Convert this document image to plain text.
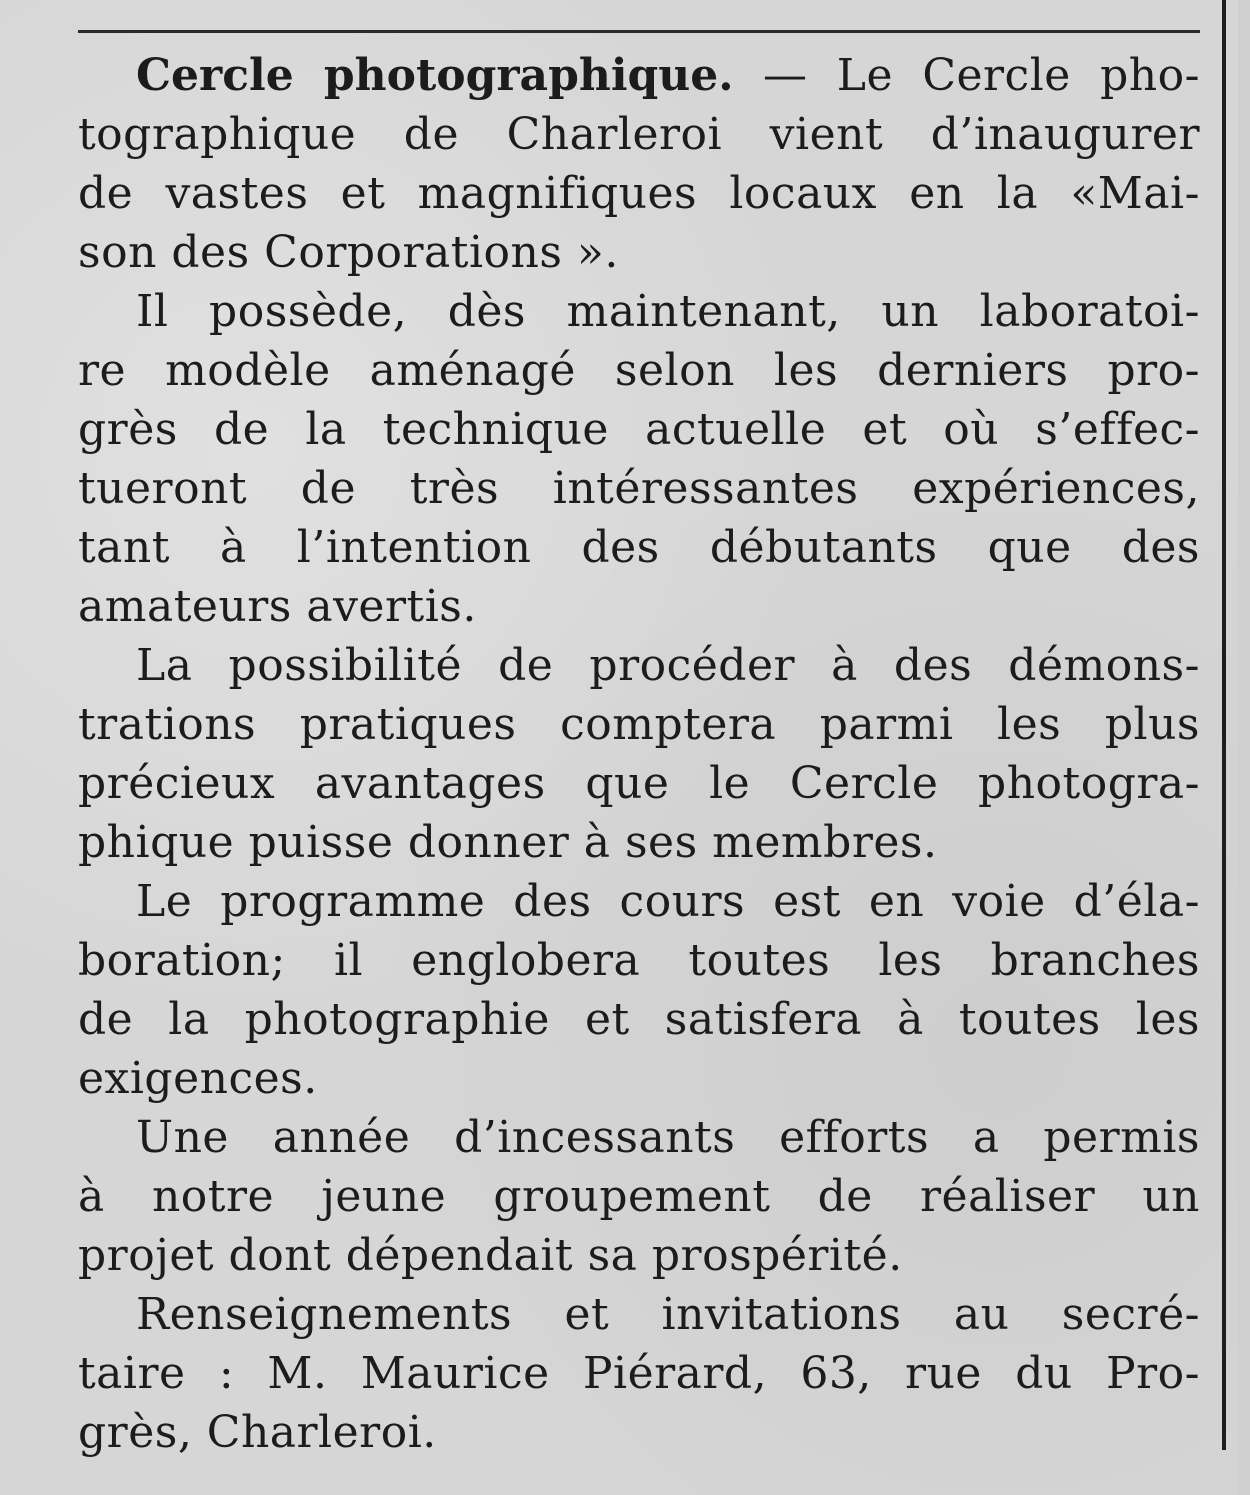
Cercle photographique. — Le Cercle pho-
tographique de Charleroi vient d’inaugurer
de vastes et magnifiques locaux en la «Mai-
son des Corporations ».
Il possède, dès maintenant, un laboratoi-
re modèle aménagé selon les derniers pro-
grès de la technique actuelle et où s’effec-
tueront de très intéressantes expériences,
tant à l’intention des débutants que des
amateurs avertis.
La possibilité de procéder à des démons-
trations pratiques comptera parmi les plus
précieux avantages que le Cercle photogra-
phique puisse donner à ses membres.
Le programme des cours est en voie d’éla-
boration; il englobera toutes les branches
de la photographie et satisfera à toutes les
exigences.
Une année d’incessants efforts a permis
à notre jeune groupement de réaliser un
projet dont dépendait sa prospérité.
Renseignements et invitations au secré-
taire : M. Maurice Piérard, 63, rue du Pro-
grès, Charleroi.
